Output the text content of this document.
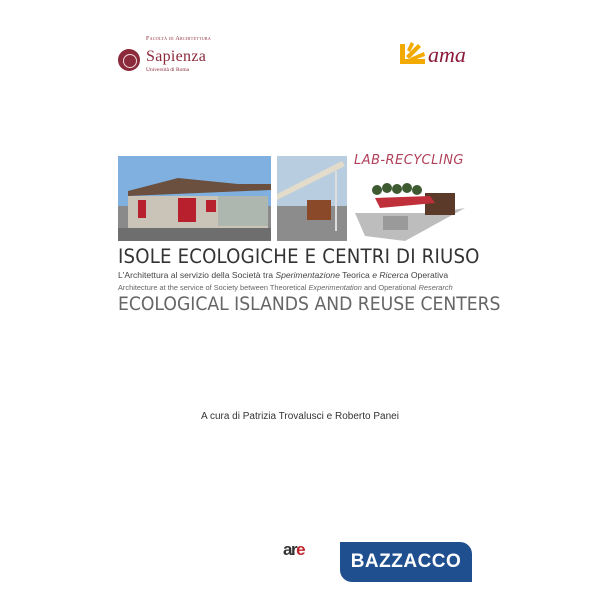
Facoltà di Architettura
Sapienza
Università di Roma
ama
LAB-RECYCLING
ISOLE ECOLOGICHE E CENTRI DI RIUSO
L'Architettura al servizio della Società tra Sperimentazione Teorica e Ricerca Operativa
Architecture at the service of Society between Theoretical Experimentation and Operational Reserarch
ECOLOGICAL ISLANDS AND REUSE CENTERS
A cura di Patrizia Trovalusci e Roberto Panei
are
BAZZACCO
